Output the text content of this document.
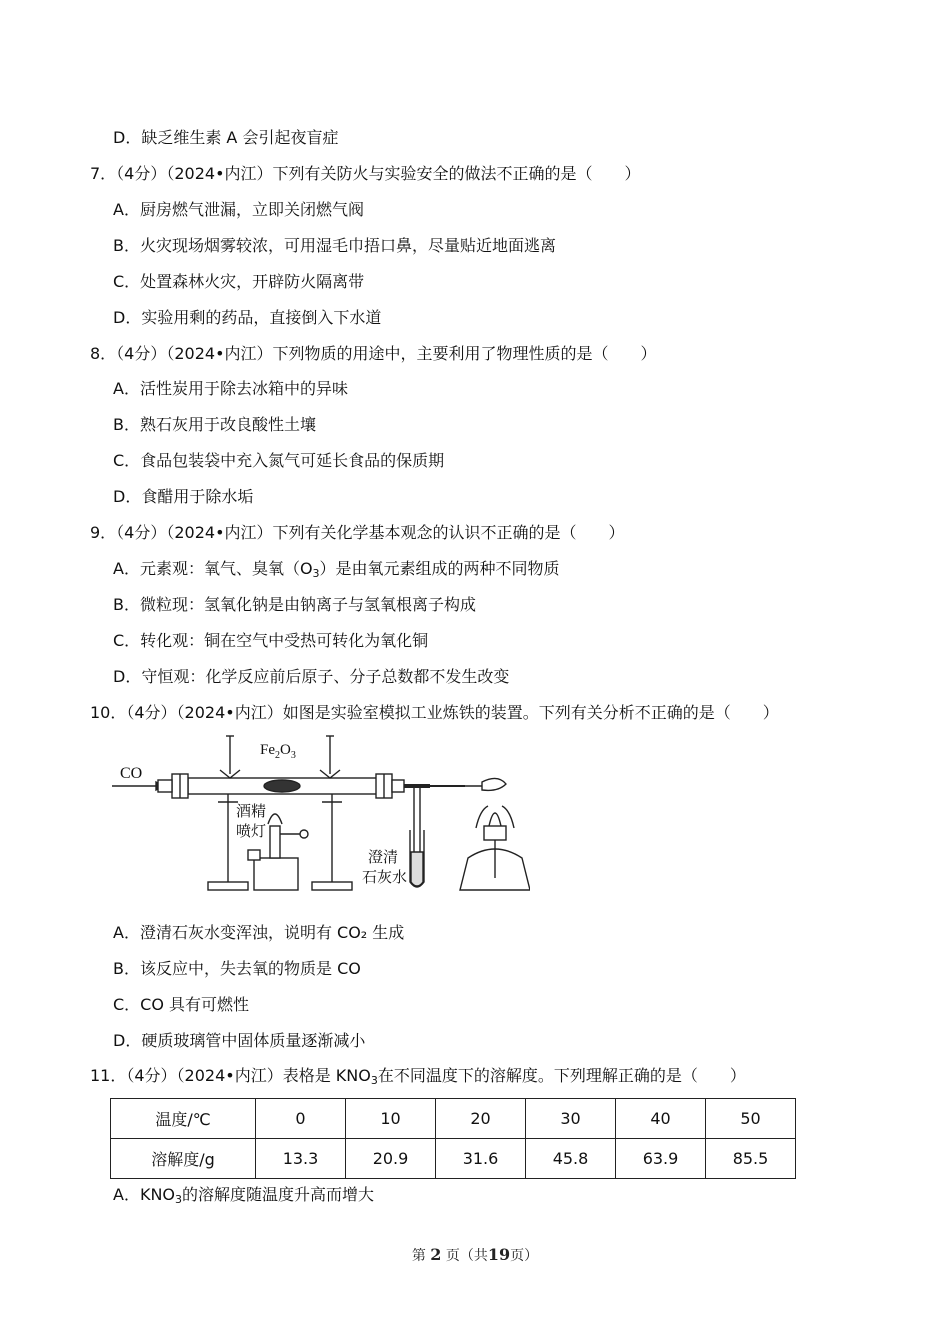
D．缺乏维生素 A 会引起夜盲症
7．（4分）（2024•内江）下列有关防火与实验安全的做法不正确的是（　　）
A．厨房燃气泄漏，立即关闭燃气阀
B．火灾现场烟雾较浓，可用湿毛巾捂口鼻，尽量贴近地面逃离
C．处置森林火灾，开辟防火隔离带
D．实验用剩的药品，直接倒入下水道
8．（4分）（2024•内江）下列物质的用途中，主要利用了物理性质的是（　　）
A．活性炭用于除去冰箱中的异味
B．熟石灰用于改良酸性土壤
C．食品包装袋中充入氮气可延长食品的保质期
D．食醋用于除水垢
9．（4分）（2024•内江）下列有关化学基本观念的认识不正确的是（　　）
A．元素观：氧气、臭氧$(O_3)$是由氧元素组成的两种不同物质
B．微粒现：氢氧化钠是由钠离子与氢氧根离子构成
C．转化观：铜在空气中受热可转化为氧化铜
D．守恒观：化学反应前后原子、分子总数都不发生改变
10．（4分）（2024•内江）如图是实验室模拟工业炼铁的装置。下列有关分析不正确的是（　　）
CO
$Fe_2O_3$
酒精
喷灯
澄清
石灰水
A．澄清石灰水变浑浊，说明有 CO₂ 生成
B．该反应中，失去氧的物质是 CO
C．CO 具有可燃性
D．硬质玻璃管中固体质量逐渐减小
11．（4分）（2024•内江）表格是 $KNO_3$在不同温度下的溶解度。下列理解正确的是（　　）
温度/℃	0	10	20	30	40	50
溶解度/g	13.3	20.9	31.6	45.8	63.9	85.5
A．$KNO_3$的溶解度随温度升高而增大
第 2 页（共19页）
